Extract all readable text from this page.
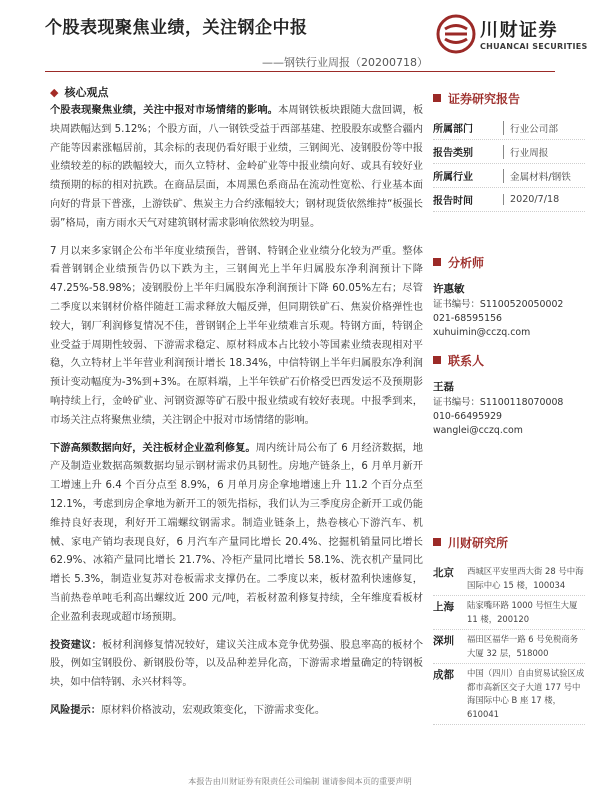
个股表现聚焦业绩，关注钢企中报
——钢铁行业周报（20200718）
川财证券
CHUANCAI SECURITIES
◆ 核心观点

个股表现聚焦业绩，关注中报对市场情绪的影响。本周钢铁板块跟随大盘回调，板块周跌幅达到 5.12%；个股方面，八一钢铁受益于西部基建、控股股东或整合疆内产能等因素涨幅居前，其余标的表现仍看好眼于业绩，三钢闽光、凌钢股份等中报业绩较差的标的跌幅较大，而久立特材、金岭矿业等中报业绩向好、或具有较好业绩预期的标的相对抗跌。在商品层面，本周黑色系商品在流动性宽松、行业基本面向好的背景下普涨，上游铁矿、焦炭主力合约涨幅较大；钢材现货依然维持“板强长弱”格局，南方雨水天气对建筑钢材需求影响依然较为明显。

7 月以来多家钢企公布半年度业绩预告，普钢、特钢企业业绩分化较为严重。整体看普钢钢企业绩预告仍以下跌为主，三钢闽光上半年归属股东净利润预计下降 47.25%-58.98%；凌钢股份上半年归属股东净利润预计下降 60.05%左右；尽管二季度以来钢材价格伴随赶工需求释放大幅反弹，但同期铁矿石、焦炭价格弹性也较大，钢厂利润修复情况不佳，普钢钢企上半年业绩难言乐观。特钢方面，特钢企业受益于周期性较弱、下游需求稳定、原材料成本占比较小等国素业绩表现相对平稳，久立特材上半年营业利润预计增长 18.34%，中信特钢上半年归属股东净利润预计变动幅度为-3%到+3%。在原料端，上半年铁矿石价格受巴西发运不及预期影响持续上行，金岭矿业、河钢资源等矿石股中报业绩或有较好表现。中报季到来，市场关注点将聚焦业绩，关注钢企中报对市场情绪的影响。

下游高频数据向好，关注板材企业盈利修复。周内统计局公布了 6 月经济数据，地产及制造业数据高频数据均显示钢材需求仍具韧性。房地产链条上，6 月单月新开工增速上升 6.4 个百分点至 8.9%，6 月单月房企拿地增速上升 11.2 个百分点至 12.1%，考虑到房企拿地为新开工的领先指标，我们认为三季度房企新开工或仍能维持良好表现，利好开工端螺纹钢需求。制造业链条上，热卷核心下游汽车、机械、家电产销均表现良好，6 月汽车产量同比增长 20.4%、挖掘机销量同比增长 62.9%、冰箱产量同比增长 21.7%、冷柜产量同比增长 58.1%、洗衣机产量同比增长 5.3%，制造业复苏对卷板需求支撑仍在。二季度以来，板材盈利快速修复，当前热卷单吨毛利高出螺纹近 200 元/吨，若板材盈利修复持续，全年维度看板材企业盈利表现或超市场预期。

投资建议：板材利润修复情况较好，建议关注成本竞争优势强、股息率高的板材个股，例如宝钢股份、新钢股份等，以及品种差异化高，下游需求增量确定的特钢板块，如中信特钢、永兴材料等。

风险提示：原材料价格波动，宏观政策变化，下游需求变化。

证券研究报告
所属部门	行业公司部
报告类别	行业周报
所属行业	金属材料/钢铁
报告时间	2020/7/18
分析师
许惠敏
证书编号：S1100520050002
021-68595156
xuhuimin@cczq.com
联系人
王磊
证书编号：S1100118070008
010-66495929
wanglei@cczq.com
川财研究所
北京	西城区平安里西大街 28 号中海国际中心 15 楼，100034
上海	陆家嘴环路 1000 号恒生大厦 11 楼，200120
深圳	福田区福华一路 6 号免税商务大厦 32 层，518000
成都	中国（四川）自由贸易试验区成都市高新区交子大道 177 号中海国际中心 B 座 17 楼，610041
本报告由川财证券有限责任公司编制 谨请参阅本页的重要声明
